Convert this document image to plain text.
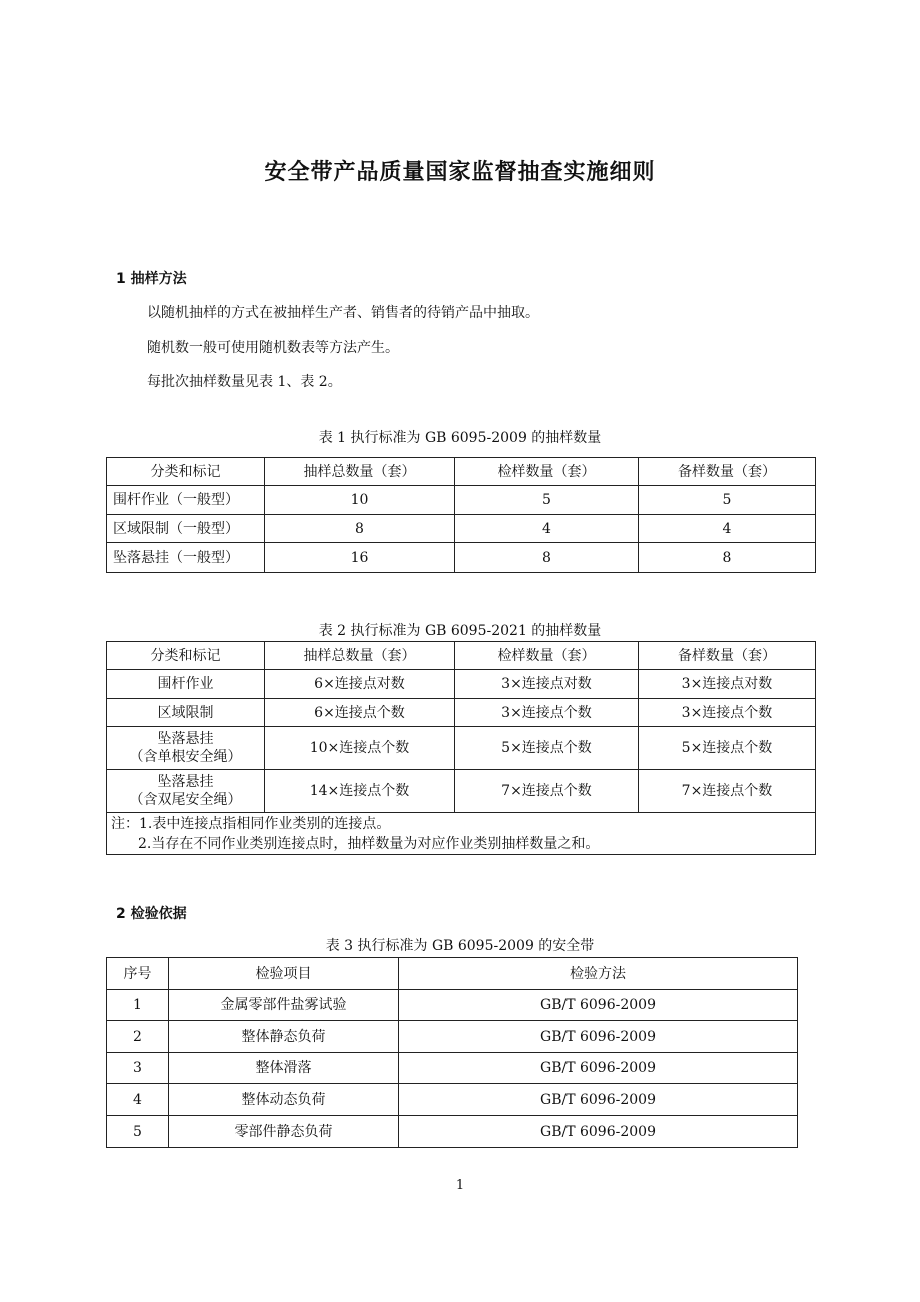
安全带产品质量国家监督抽查实施细则
1 抽样方法
以随机抽样的方式在被抽样生产者、销售者的待销产品中抽取。
随机数一般可使用随机数表等方法产生。
每批次抽样数量见表 1、表 2。
表 1 执行标准为 GB 6095-2009 的抽样数量
分类和标记	抽样总数量（套）	检样数量（套）	备样数量（套）
围杆作业（一般型）	10	5	5
区域限制（一般型）	8	4	4
坠落悬挂（一般型）	16	8	8
表 2 执行标准为 GB 6095-2021 的抽样数量
分类和标记	抽样总数量（套）	检样数量（套）	备样数量（套）
围杆作业	6×连接点对数	3×连接点对数	3×连接点对数
区域限制	6×连接点个数	3×连接点个数	3×连接点个数

坠落悬挂
（含单根安全绳）	10×连接点个数	5×连接点个数	5×连接点个数

坠落悬挂
（含双尾安全绳）	14×连接点个数	7×连接点个数	7×连接点个数

注：1.表中连接点指相同作业类别的连接点。
2.当存在不同作业类别连接点时，抽样数量为对应作业类别抽样数量之和。			
2 检验依据
表 3 执行标准为 GB 6095-2009 的安全带
序号	检验项目	检验方法
1	金属零部件盐雾试验	GB/T 6096-2009
2	整体静态负荷	GB/T 6096-2009
3	整体滑落	GB/T 6096-2009
4	整体动态负荷	GB/T 6096-2009
5	零部件静态负荷	GB/T 6096-2009
1
